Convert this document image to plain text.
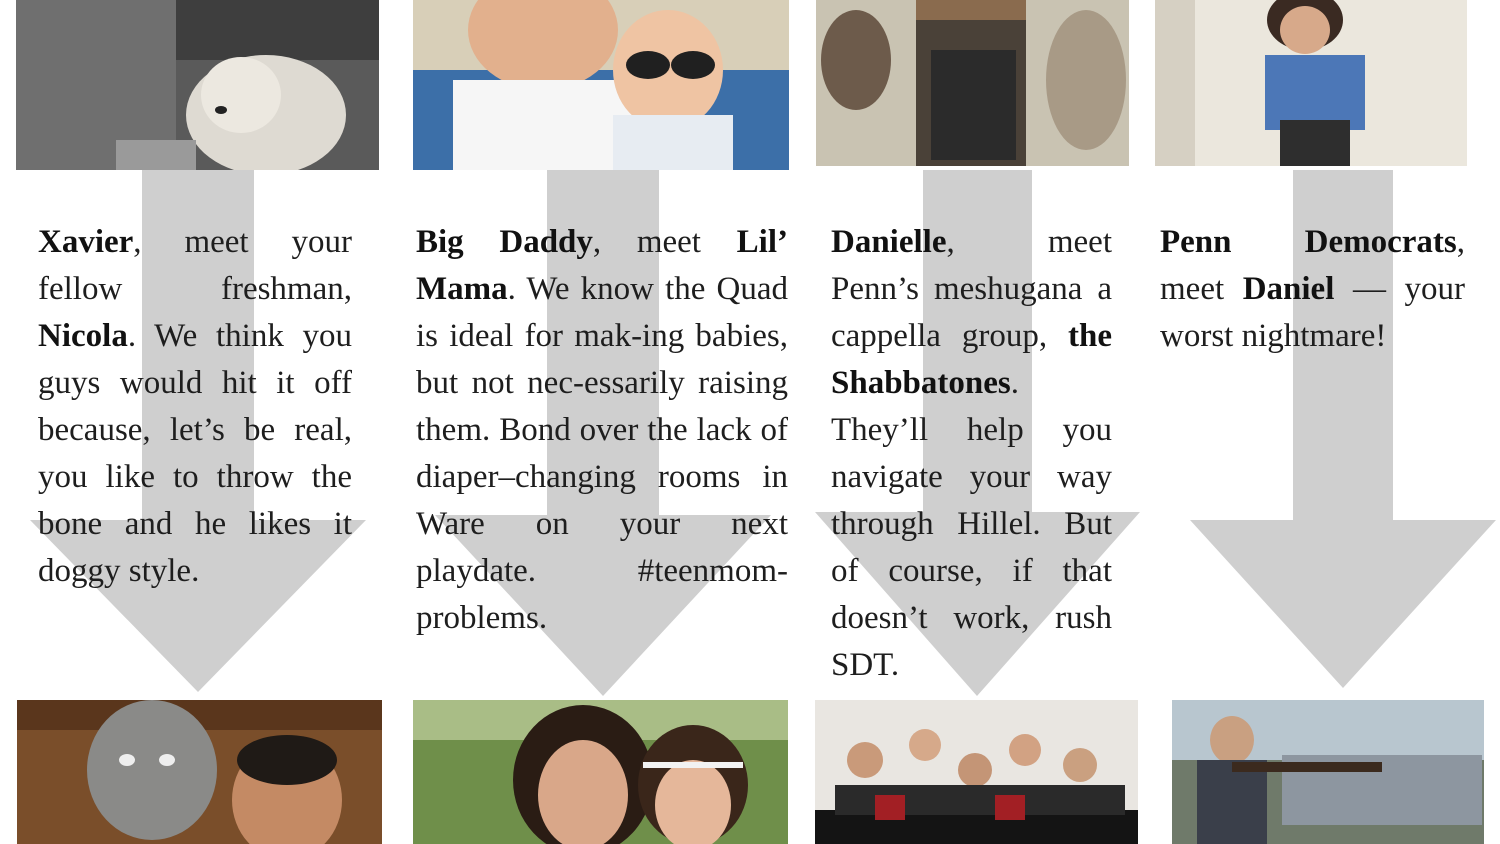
Xavier, meet your fellow freshman, Nicola. We think you guys would hit it off because, let’s be real, you like to throw the bone and he likes it doggy style.
Big Daddy, meet Lil’ Mama. We know the Quad is ideal for mak-ing babies, but not nec-essarily raising them. Bond over the lack of diaper–changing rooms in Ware on your next playdate. #teenmom-problems.
Danielle, meet Penn’s meshugana a cappella group, the Shabbatones. They’ll help you navigate your way through Hillel. But of course, if that doesn’t work, rush SDT.
Penn Democrats, meet Daniel — your worst nightmare!
